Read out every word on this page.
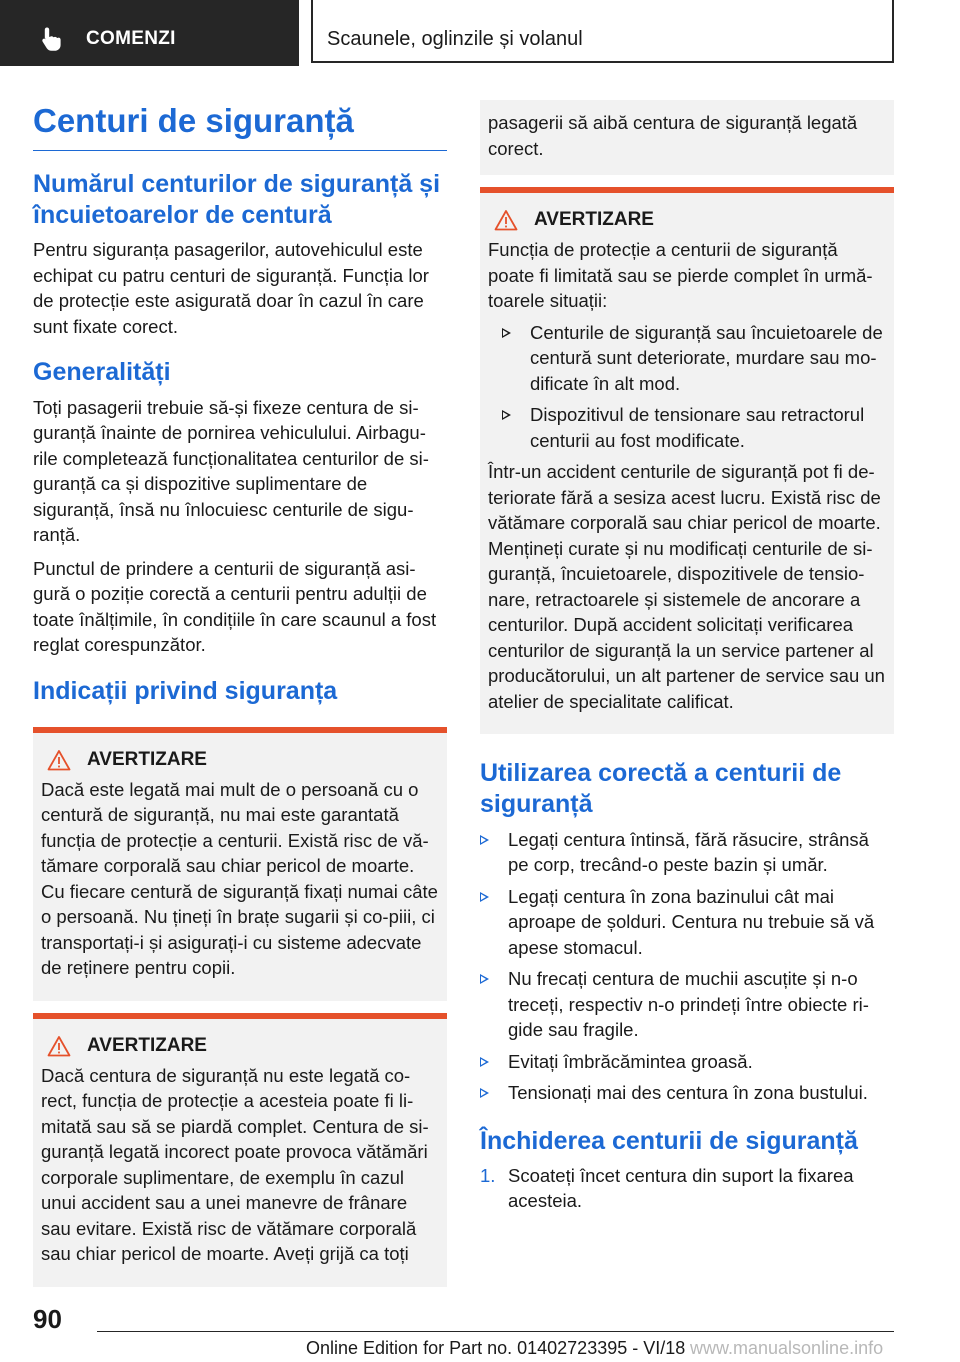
COMENZI	Scaunele, oglinzile și volanul
Centuri de siguranță
Numărul centurilor de siguranță și încuietoarelor de centură

Pentru siguranța pasagerilor, autovehiculul este echipat cu patru centuri de siguranță. Funcția lor de protecție este asigurată doar în cazul în care sunt fixate corect.

Generalități

Toți pasagerii trebuie să-și fixeze centura de si-guranță înainte de pornirea vehiculului. Airbagu-rile completează funcționalitatea centurilor de si-guranță ca și dispozitive suplimentare de siguranță, însă nu înlocuiesc centurile de sigu-ranță.

Punctul de prindere a centurii de siguranță asi-gură o poziție corectă a centurii pentru adulții de toate înălțimile, în condițiile în care scaunul a fost reglat corespunzător.

Indicații privind siguranța
AVERTIZARE

Dacă este legată mai mult de o persoană cu o centură de siguranță, nu mai este garantată funcția de protecție a centurii. Există risc de vă-tămare corporală sau chiar pericol de moarte. Cu fiecare centură de siguranță fixați numai câte o persoană. Nu țineți în brațe sugarii și co-piii, ci transportați-i și asigurați-i cu sisteme adecvate de reținere pentru copii.

AVERTIZARE

Dacă centura de siguranță nu este legată co-rect, funcția de protecție a acesteia poate fi li-mitată sau să se piardă complet. Centura de si-guranță legată incorect poate provoca vătămări corporale suplimentare, de exemplu în cazul unui accident sau a unei manevre de frânare sau evitare. Există risc de vătămare corporală sau chiar pericol de moarte. Aveți grijă ca toți

pasagerii să aibă centura de siguranță legată corect.

AVERTIZARE

Funcția de protecție a centurii de siguranță poate fi limitată sau se pierde complet în urmă-toarele situații:

Centurile de siguranță sau încuietoarele de centură sunt deteriorate, murdare sau mo-dificate în alt mod.
Dispozitivul de tensionare sau retractorul centurii au fost modificate.

Într-un accident centurile de siguranță pot fi de-teriorate fără a sesiza acest lucru. Există risc de vătămare corporală sau chiar pericol de moarte. Mențineți curate și nu modificați centurile de si-guranță, încuietoarele, dispozitivele de tensio-nare, retractoarele și sistemele de ancorare a centurilor. După accident solicitați verificarea centurilor de siguranță la un service partener al producătorului, un alt partener de service sau un atelier de specialitate calificat.

Utilizarea corectă a centurii de siguranță
Legați centura întinsă, fără răsucire, strânsă pe corp, trecând-o peste bazin și umăr.
Legați centura în zona bazinului cât mai aproape de șolduri. Centura nu trebuie să vă apese stomacul.
Nu frecați centura de muchii ascuțite și n-o treceți, respectiv n-o prindeți între obiecte ri-gide sau fragile.
Evitați îmbrăcămintea groasă.
Tensionați mai des centura în zona bustului.
Închiderea centurii de siguranță
1. Scoateți încet centura din suport la fixarea acesteia.
90
Online Edition for Part no. 01402723395 - VI/18 www.manualsonline.info
